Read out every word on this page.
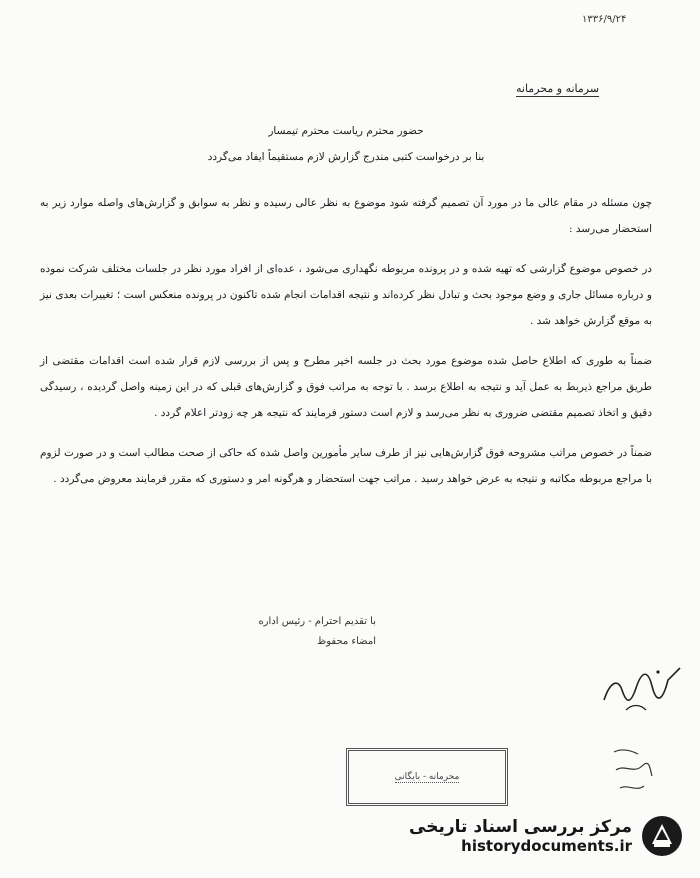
۱۳۳۶/۹/۲۴
سرمانه و محرمانه

حضور محترم ریاست محترم تیمسار

بنا بر درخواست کتبی مندرج گزارش لازم مستقیماً ایفاد می‌گردد

چون مسئله در مقام عالی ما در مورد آن تصمیم گرفته شود موضوع به نظر عالی رسیده و نظر به سوابق و گزارش‌های واصله موارد زیر به استحضار می‌رسد :

در خصوص موضوع گزارشی که تهیه شده و در پرونده مربوطه نگهداری می‌شود ، عده‌ای از افراد مورد نظر در جلسات مختلف شرکت نموده و درباره مسائل جاری و وضع موجود بحث و تبادل نظر کرده‌اند و نتیجه اقدامات انجام شده تاکنون در پرونده منعکس است ؛ تغییرات بعدی نیز به موقع گزارش خواهد شد .

ضمناً به طوری که اطلاع حاصل شده موضوع مورد بحث در جلسه اخیر مطرح و پس از بررسی لازم قرار شده است اقدامات مقتضی از طریق مراجع ذیربط به عمل آید و نتیجه به اطلاع برسد . با توجه به مراتب فوق و گزارش‌های قبلی که در این زمینه واصل گردیده ، رسیدگی دقیق و اتخاذ تصمیم مقتضی ضروری به نظر می‌رسد و لازم است دستور فرمایند که نتیجه هر چه زودتر اعلام گردد .

ضمناً در خصوص مراتب مشروحه فوق گزارش‌هایی نیز از طرف سایر مأمورین واصل شده که حاکی از صحت مطالب است و در صورت لزوم با مراجع مربوطه مکاتبه و نتیجه به عرض خواهد رسید . مراتب جهت استحضار و هرگونه امر و دستوری که مقرر فرمایند معروض می‌گردد .

با تقدیم احترام - رئیس اداره
امضاء محفوظ
محرمانه - بایگانی
مرکز بررسی اسناد تاریخی
historydocuments.ir
